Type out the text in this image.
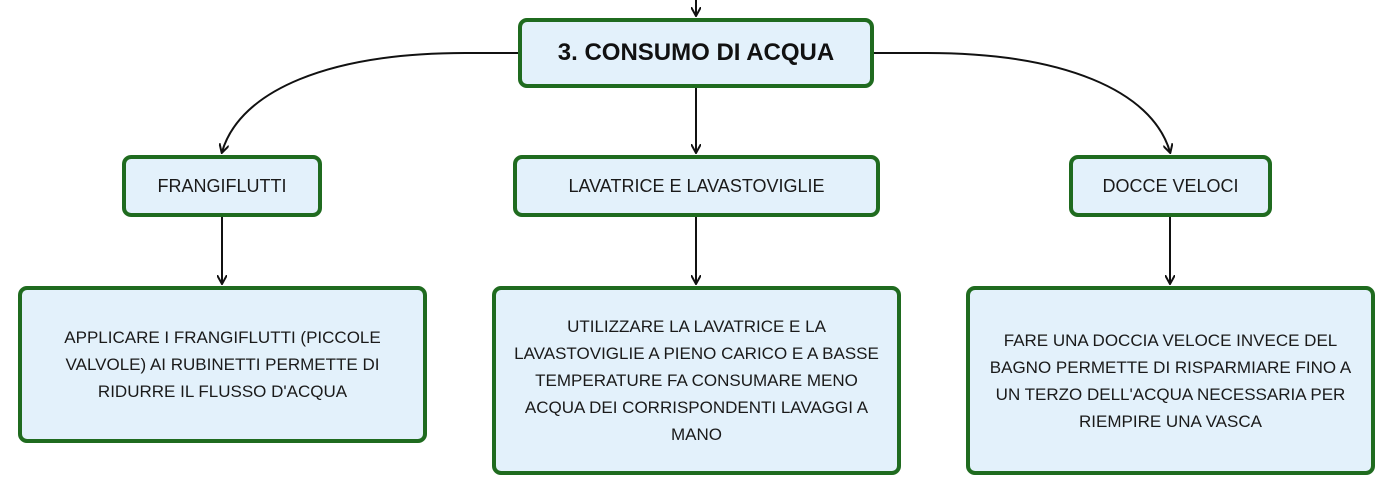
3. CONSUMO DI ACQUA
FRANGIFLUTTI	LAVATRICE E LAVASTOVIGLIE	DOCCE VELOCI
APPLICARE I FRANGIFLUTTI (PICCOLE VALVOLE) AI RUBINETTI PERMETTE DI RIDURRE IL FLUSSO D'ACQUA
UTILIZZARE LA LAVATRICE E LA LAVASTOVIGLIE A PIENO CARICO E A BASSE TEMPERATURE FA CONSUMARE MENO ACQUA DEI CORRISPONDENTI LAVAGGI A MANO
FARE UNA DOCCIA VELOCE INVECE DEL BAGNO PERMETTE DI RISPARMIARE FINO A UN TERZO DELL'ACQUA NECESSARIA PER RIEMPIRE UNA VASCA
